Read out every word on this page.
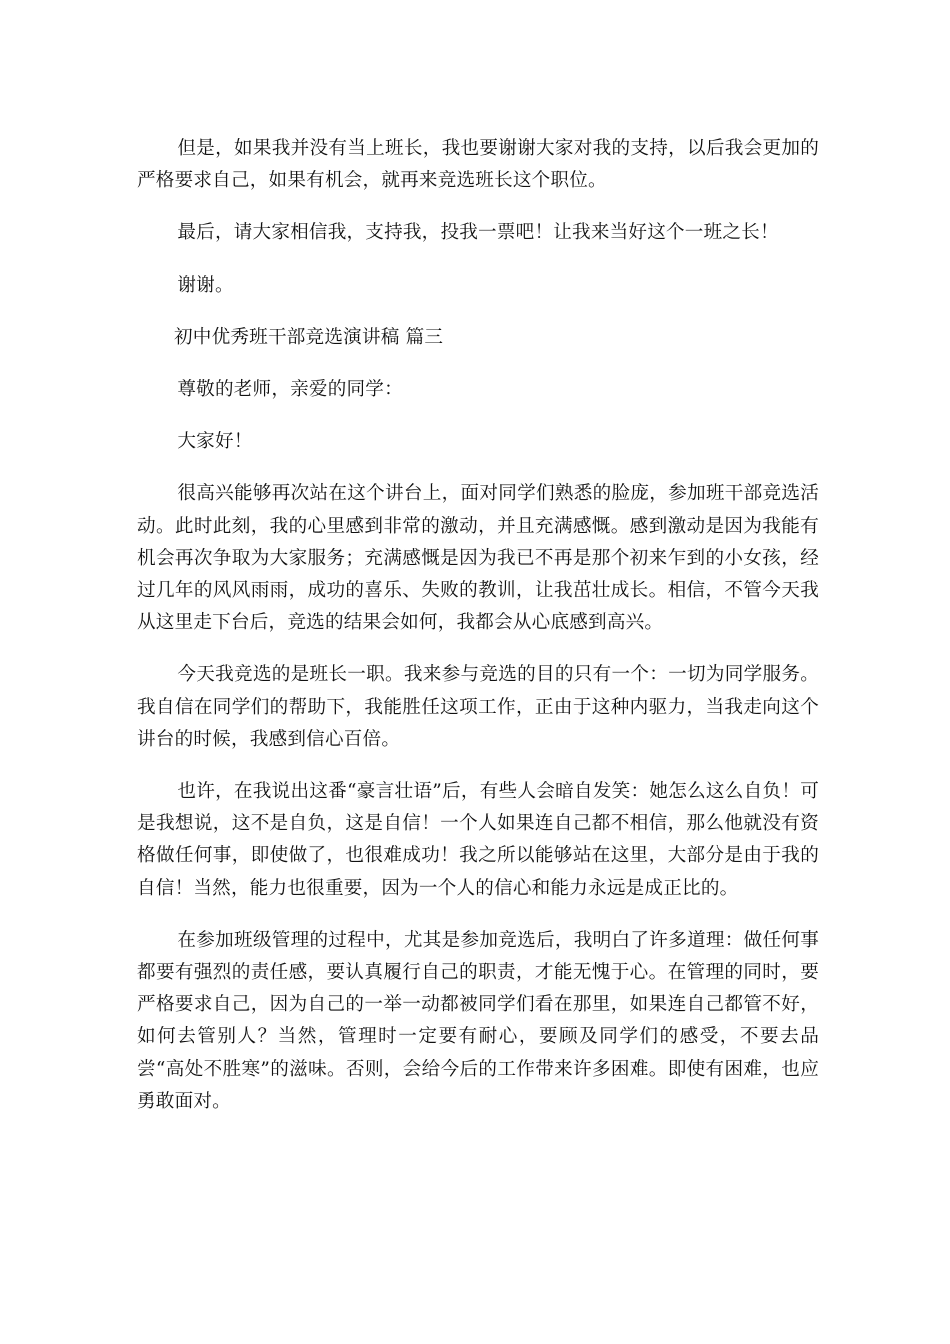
但是，如果我并没有当上班长，我也要谢谢大家对我的支持，以后我会更加的严格要求自己，如果有机会，就再来竞选班长这个职位。

最后，请大家相信我，支持我，投我一票吧！让我来当好这个一班之长！

谢谢。

初中优秀班干部竞选演讲稿 篇三

尊敬的老师，亲爱的同学：

大家好！

很高兴能够再次站在这个讲台上，面对同学们熟悉的脸庞，参加班干部竞选活动。此时此刻，我的心里感到非常的激动，并且充满感慨。感到激动是因为我能有机会再次争取为大家服务；充满感慨是因为我已不再是那个初来乍到的小女孩，经过几年的风风雨雨，成功的喜乐、失败的教训，让我茁壮成长。相信，不管今天我从这里走下台后，竞选的结果会如何，我都会从心底感到高兴。

今天我竞选的是班长一职。我来参与竞选的目的只有一个：一切为同学服务。我自信在同学们的帮助下，我能胜任这项工作，正由于这种内驱力，当我走向这个讲台的时候，我感到信心百倍。

也许，在我说出这番“豪言壮语”后，有些人会暗自发笑：她怎么这么自负！可是我想说，这不是自负，这是自信！一个人如果连自己都不相信，那么他就没有资格做任何事，即使做了，也很难成功！我之所以能够站在这里，大部分是由于我的自信！当然，能力也很重要，因为一个人的信心和能力永远是成正比的。

在参加班级管理的过程中，尤其是参加竞选后，我明白了许多道理：做任何事都要有强烈的责任感，要认真履行自己的职责，才能无愧于心。在管理的同时，要严格要求自己，因为自己的一举一动都被同学们看在那里，如果连自己都管不好，如何去管别人？当然，管理时一定要有耐心，要顾及同学们的感受，不要去品尝“高处不胜寒”的滋味。否则，会给今后的工作带来许多困难。即使有困难，也应勇敢面对。
